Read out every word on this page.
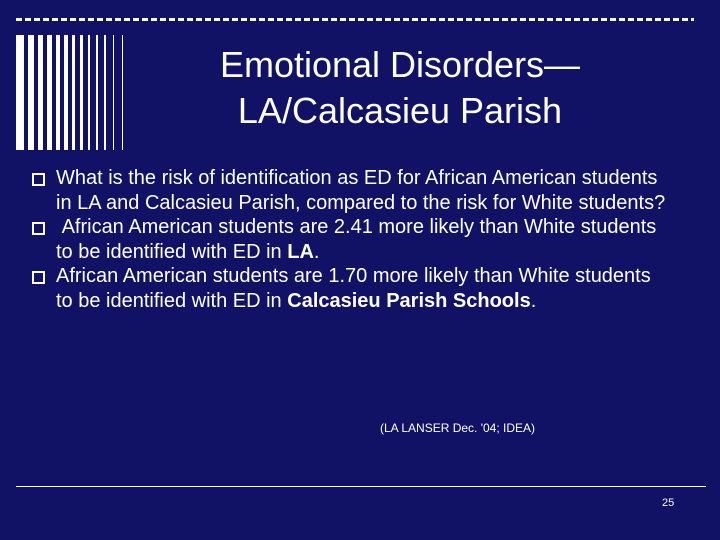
Emotional Disorders—
LA/Calcasieu Parish
What is the risk of identification as ED for African American students in LA and Calcasieu Parish, compared to the risk for White students?
African American students are 2.41 more likely than White students to be identified with ED in LA.
African American students are 1.70 more likely than White students to be identified with ED in Calcasieu Parish Schools.
(LA LANSER Dec. '04; IDEA)
25
